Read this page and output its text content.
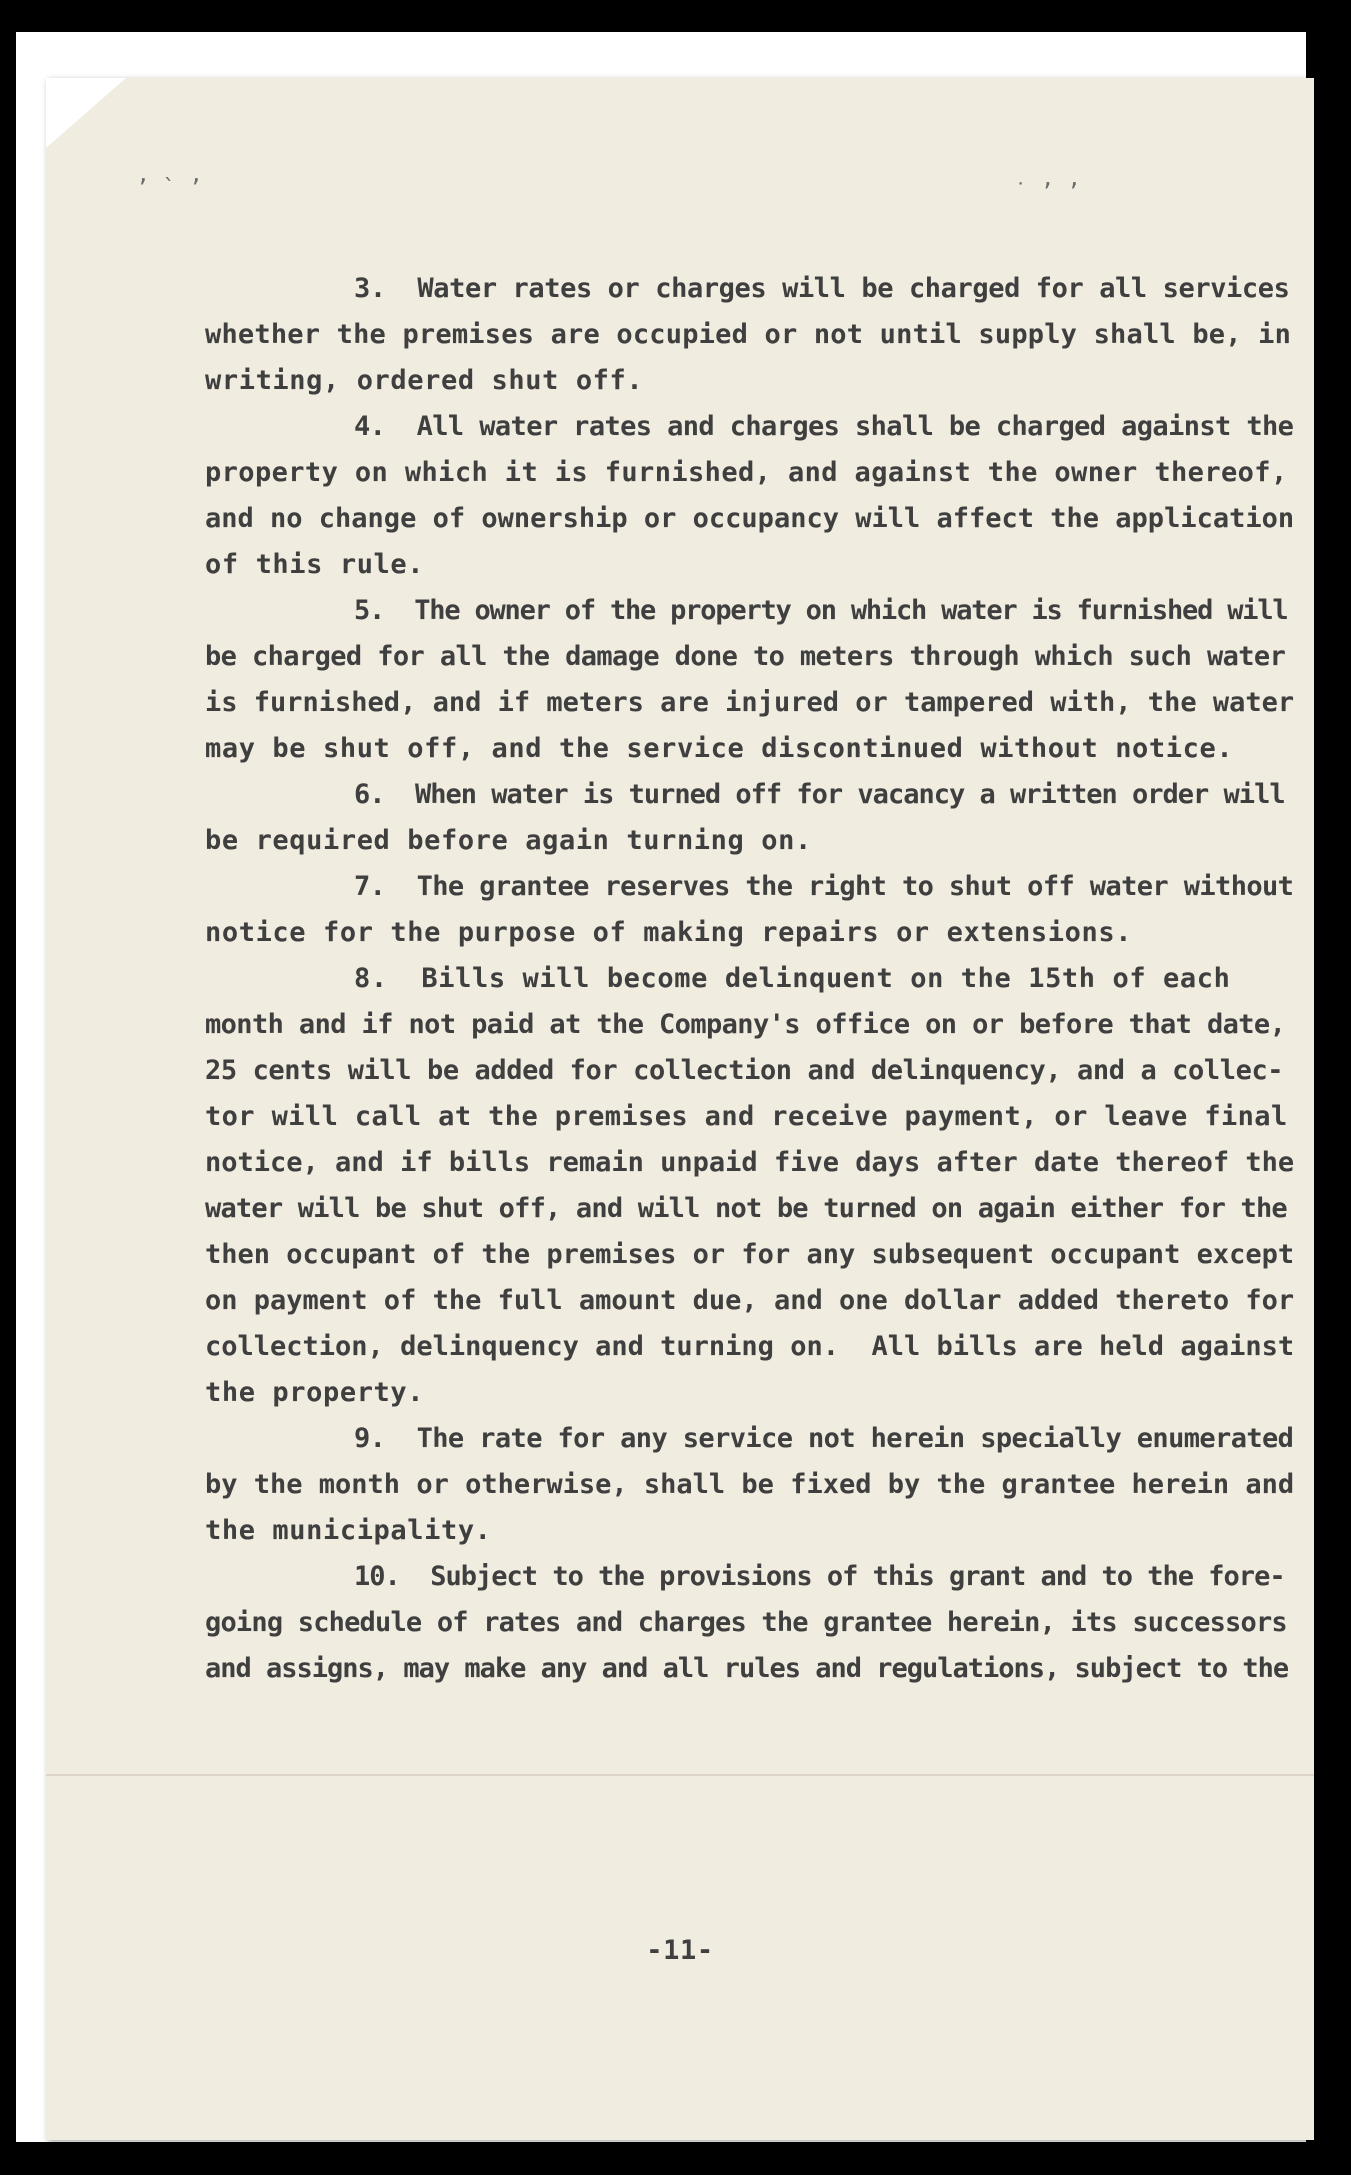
ʼ ` ʼ	˙ ʼ ʼ
3.  Water rates or charges will be charged for all services
whether the premises are occupied or not until supply shall be, in
writing, ordered shut off.
4.  All water rates and charges shall be charged against the
property on which it is furnished, and against the owner thereof,
and no change of ownership or occupancy will affect the application
of this rule.
5.  The owner of the property on which water is furnished will
be charged for all the damage done to meters through which such water
is furnished, and if meters are injured or tampered with, the water
may be shut off, and the service discontinued without notice.
6.  When water is turned off for vacancy a written order will
be required before again turning on.
7.  The grantee reserves the right to shut off water without
notice for the purpose of making repairs or extensions.
8.  Bills will become delinquent on the 15th of each
month and if not paid at the Company's office on or before that date,
25 cents will be added for collection and delinquency, and a collec-
tor will call at the premises and receive payment, or leave final
notice, and if bills remain unpaid five days after date thereof the
water will be shut off, and will not be turned on again either for the
then occupant of the premises or for any subsequent occupant except
on payment of the full amount due, and one dollar added thereto for
collection, delinquency and turning on.  All bills are held against
the property.
9.  The rate for any service not herein specially enumerated
by the month or otherwise, shall be fixed by the grantee herein and
the municipality.
10.  Subject to the provisions of this grant and to the fore-
going schedule of rates and charges the grantee herein, its successors
and assigns, may make any and all rules and regulations, subject to the
-11-
